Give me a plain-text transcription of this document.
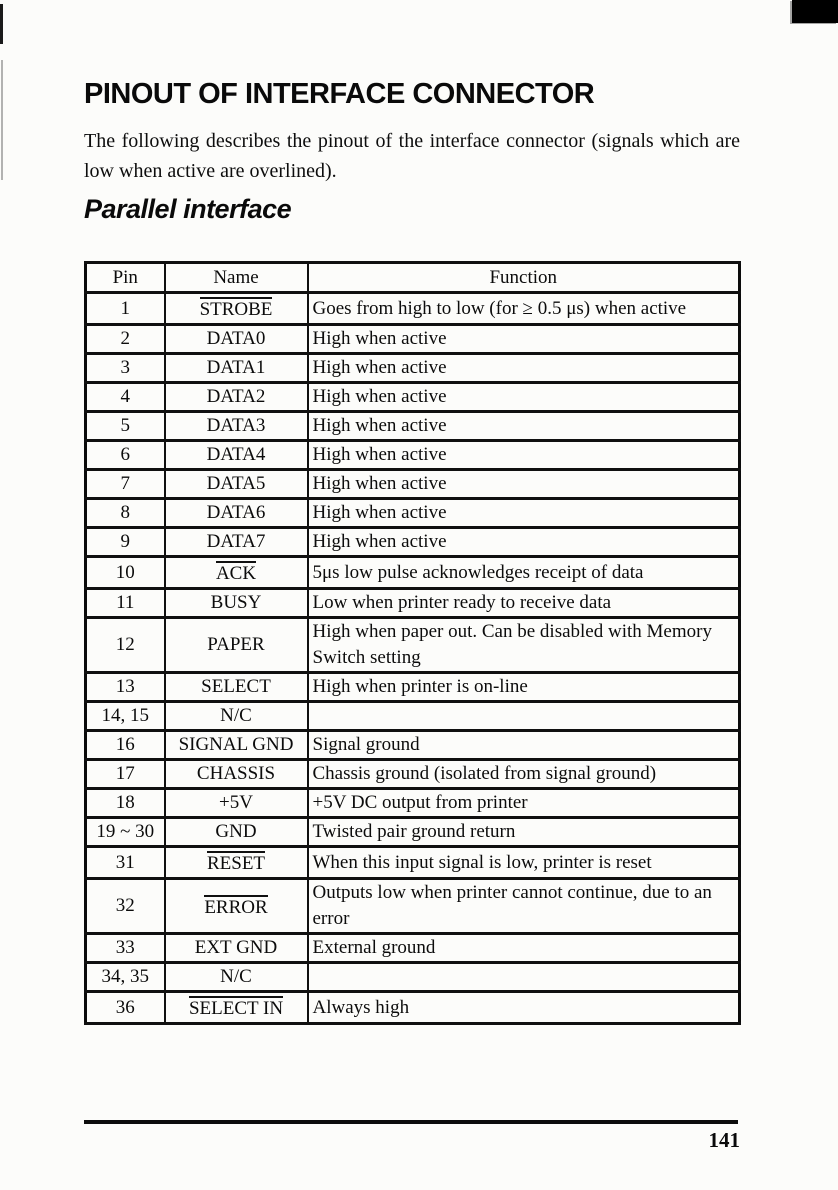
PINOUT OF INTERFACE CONNECTOR

The following describes the pinout of the interface connector (signals which are low when active are overlined).

Parallel interface
Pin	Name	Function
1	STROBE	Goes from high to low (for ≥ 0.5 μs) when active
2	DATA0	High when active
3	DATA1	High when active
4	DATA2	High when active
5	DATA3	High when active
6	DATA4	High when active
7	DATA5	High when active
8	DATA6	High when active
9	DATA7	High when active
10	ACK	5μs low pulse acknowledges receipt of data
11	BUSY	Low when printer ready to receive data
12	PAPER	High when paper out. Can be disabled with Memory Switch setting
13	SELECT	High when printer is on-line
14, 15	N/C	
16	SIGNAL GND	Signal ground
17	CHASSIS	Chassis ground (isolated from signal ground)
18	+5V	+5V DC output from printer
19 ~ 30	GND	Twisted pair ground return
31	RESET	When this input signal is low, printer is reset
32	ERROR	Outputs low when printer cannot continue, due to an error
33	EXT GND	External ground
34, 35	N/C	
36	SELECT IN	Always high
141
